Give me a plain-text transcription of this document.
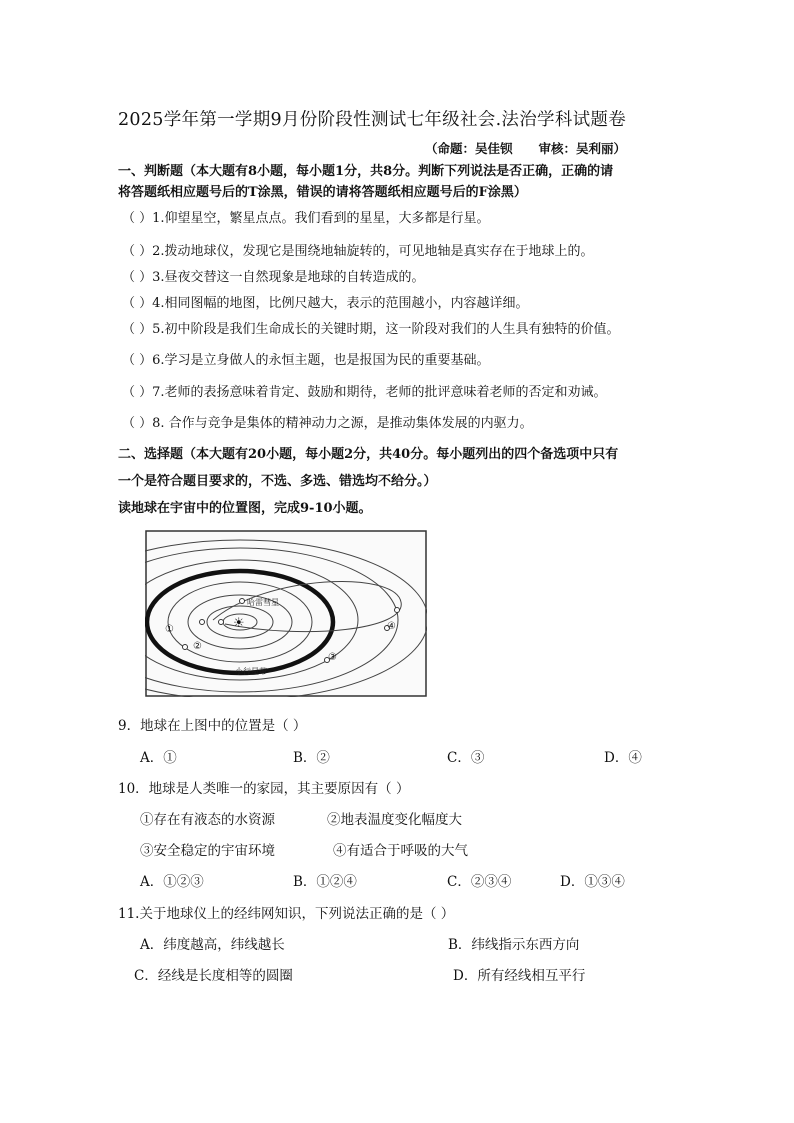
2025学年第一学期9月份阶段性测试七年级社会.法治学科试题卷
（命题：吴佳钡 审核：吴利丽）
一、判断题（本大题有8小题，每小题1分，共8分。判断下列说法是否正确，正确的请
将答题纸相应题号后的T涂黑，错误的请将答题纸相应题号后的F涂黑）
（ ）1.仰望星空，繁星点点。我们看到的星星，大多都是行星。
（ ）2.拨动地球仪，发现它是围绕地轴旋转的，可见地轴是真实存在于地球上的。
（ ）3.昼夜交替这一自然现象是地球的自转造成的。
（ ）4.相同图幅的地图，比例尺越大，表示的范围越小，内容越详细。
（ ）5.初中阶段是我们生命成长的关键时期，这一阶段对我们的人生具有独特的价值。
（ ）6.学习是立身做人的永恒主题，也是报国为民的重要基础。
（ ）7.老师的表扬意味着肯定、鼓励和期待，老师的批评意味着老师的否定和劝诫。
（ ）8. 合作与竞争是集体的精神动力之源，是推动集体发展的内驱力。
二、选择题（本大题有20小题，每小题2分，共40分。每小题列出的四个备选项中只有
一个是符合题目要求的，不选、多选、错选均不给分。）
读地球在宇宙中的位置图，完成9-10小题。
哈雷彗星
☀
①
②
③
④
小行星带
9．地球在上图中的位置是（ ）
A．①	B．②	C．③	D．④
10．地球是人类唯一的家园，其主要原因有（ ）
①存在有液态的水资源	②地表温度变化幅度大
③安全稳定的宇宙环境	④有适合于呼吸的大气
A．①②③	B．①②④	C．②③④	D．①③④
11.关于地球仪上的经纬网知识，下列说法正确的是（ ）
A．纬度越高，纬线越长	B．纬线指示东西方向
C．经线是长度相等的圆圈	D．所有经线相互平行
